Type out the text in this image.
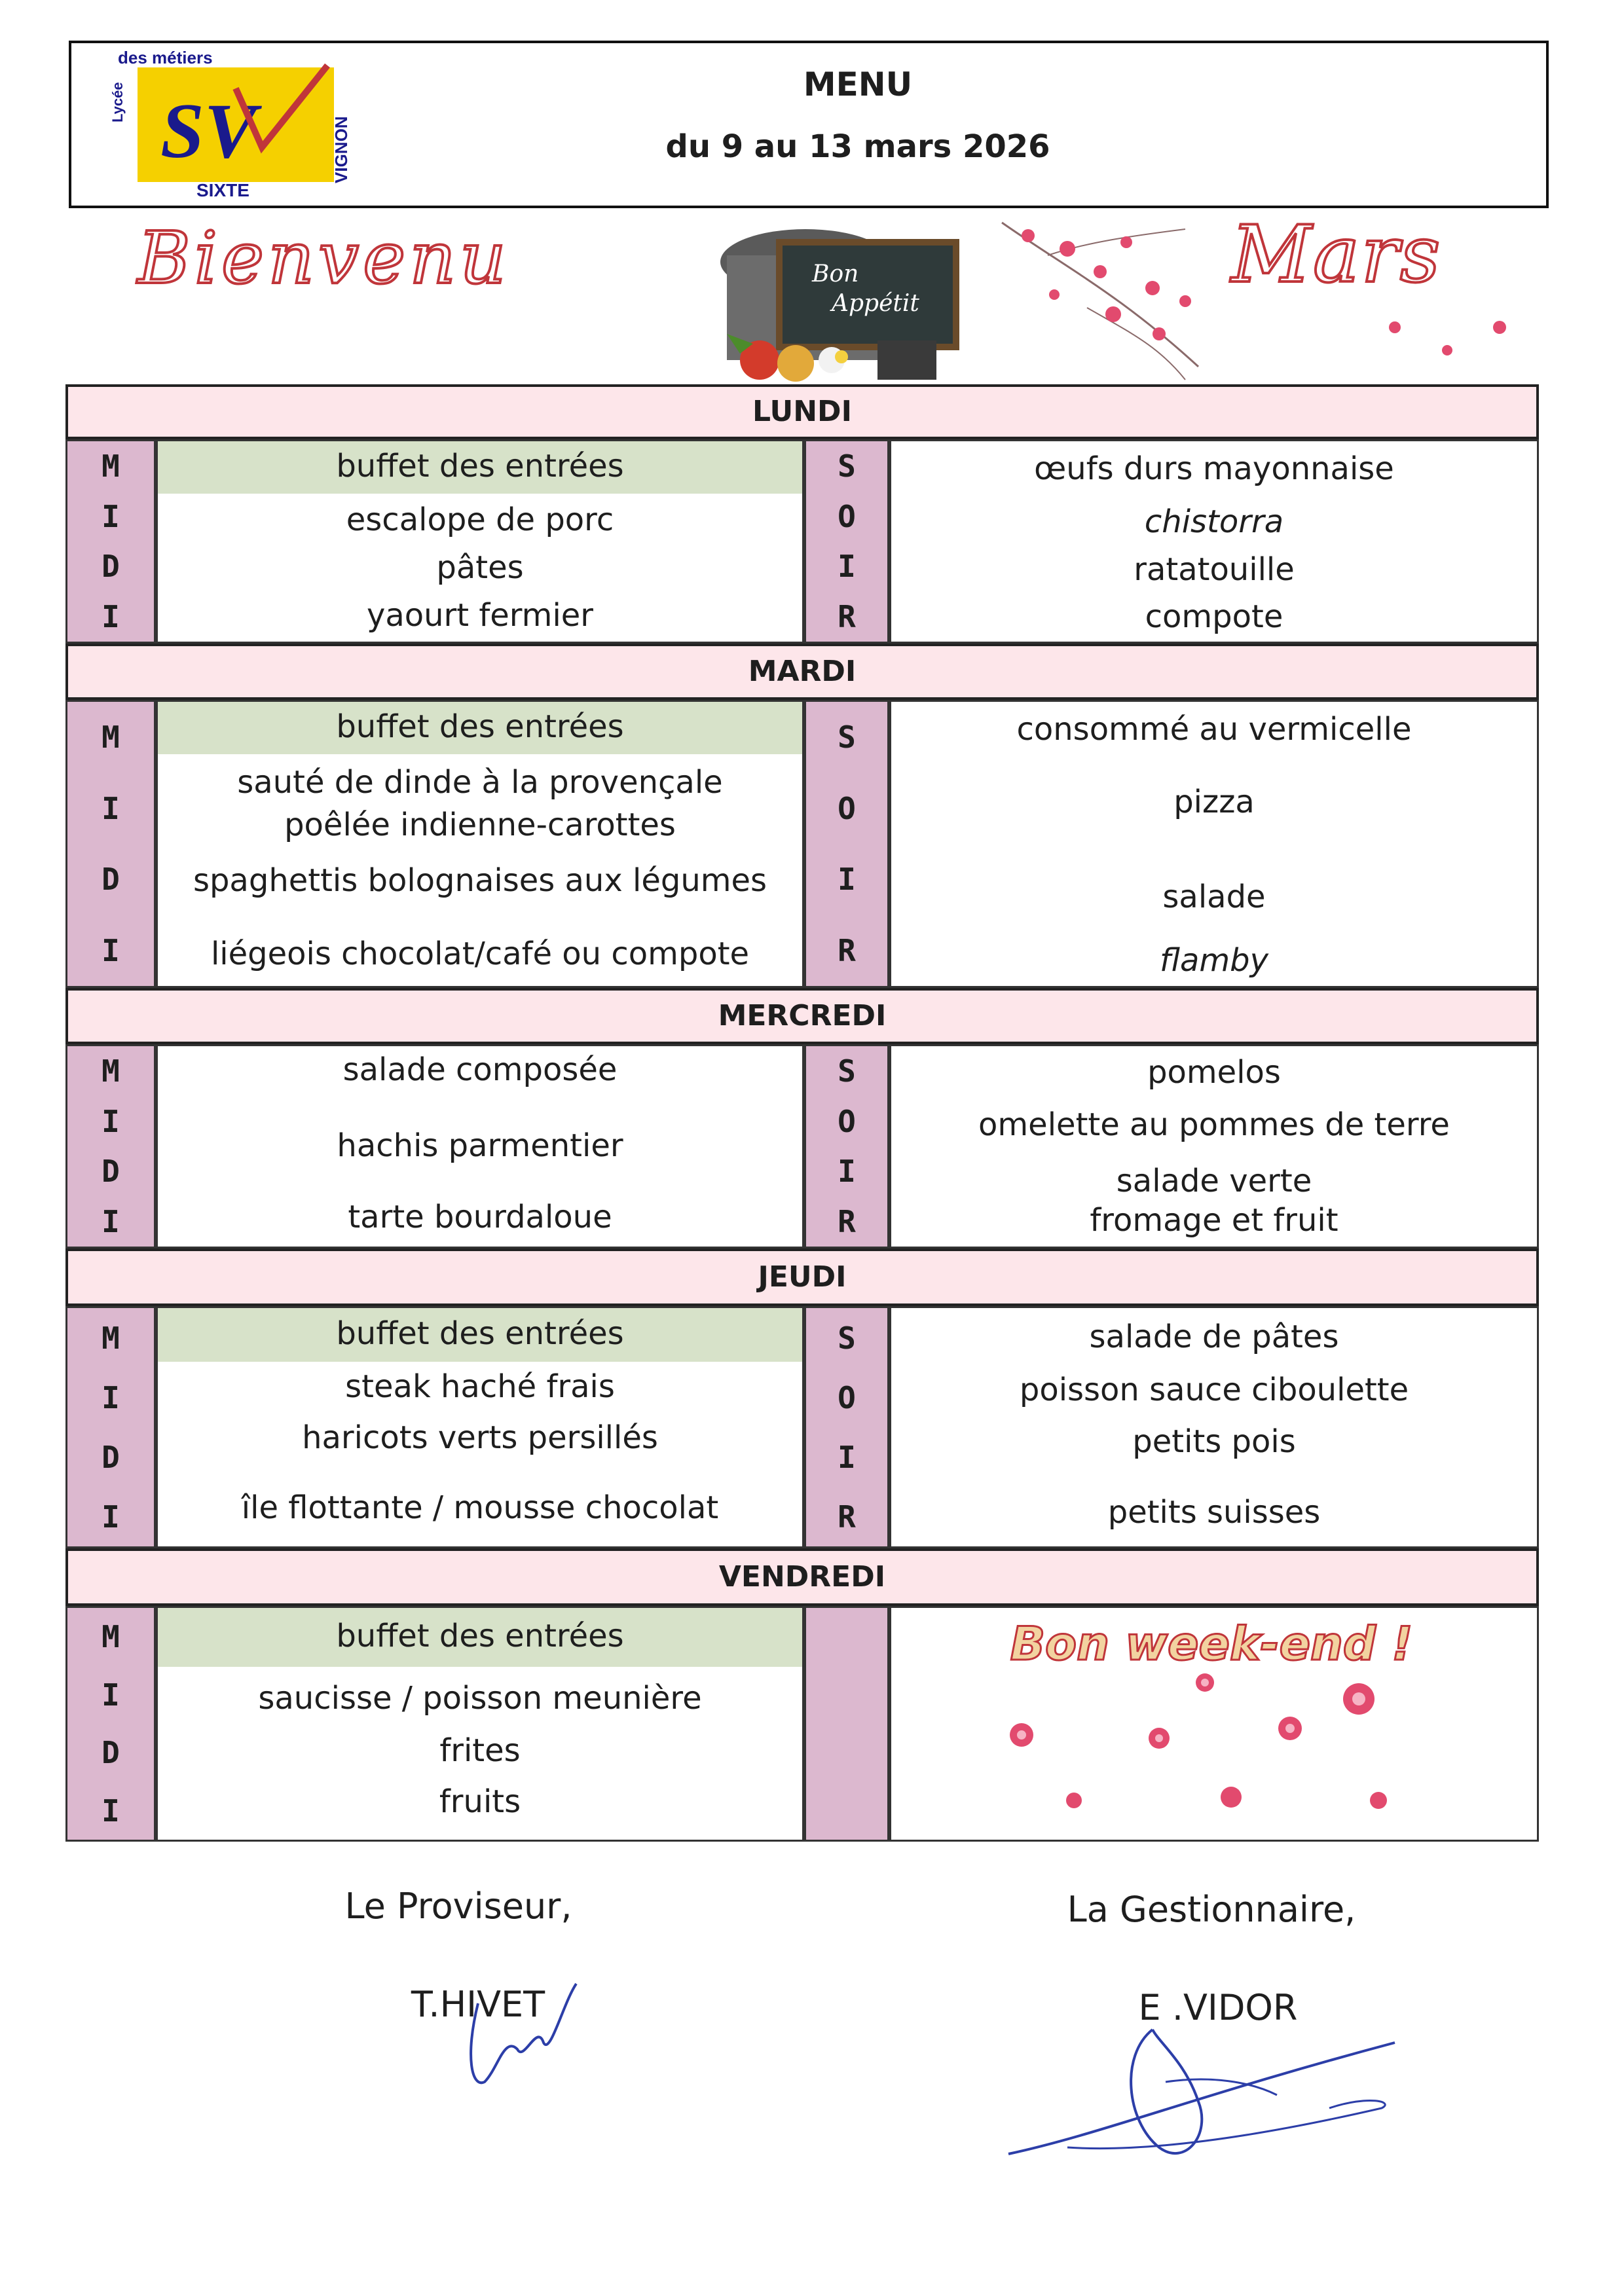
Lycée
des métiers
SV
SIXTE
VIGNON
MENU
du 9 au 13 mars 2026
Bienvenu	Bon
Appétit
Mars
LUNDI
M
I
D
I
buffet des entrées
escalope de porc
pâtes
yaourt fermier
S
O
I
R
œufs durs mayonnaise
chistorra
ratatouille
compote
MARDI
M
I
D
I
buffet des entrées
sauté de dinde à la provençale
poêlée indienne-carottes
spaghettis bolognaises aux légumes
liégeois chocolat/café ou compote
S
O
I
R
consommé au vermicelle
pizza
salade
flamby
MERCREDI
M
I
D
I
salade composée
hachis parmentier
tarte bourdaloue
S
O
I
R
pomelos
omelette au pommes de terre
salade verte
fromage et fruit
JEUDI
M
I
D
I
buffet des entrées
steak haché frais
haricots verts persillés
île flottante / mousse chocolat
S
O
I
R
salade de pâtes
poisson sauce ciboulette
petits pois
petits suisses
VENDREDI
M
I
D
I
buffet des entrées
saucisse / poisson meunière
frites
fruits
Bon week-end !
Le Proviseur,
T.HIVET
La Gestionnaire,
E .VIDOR
